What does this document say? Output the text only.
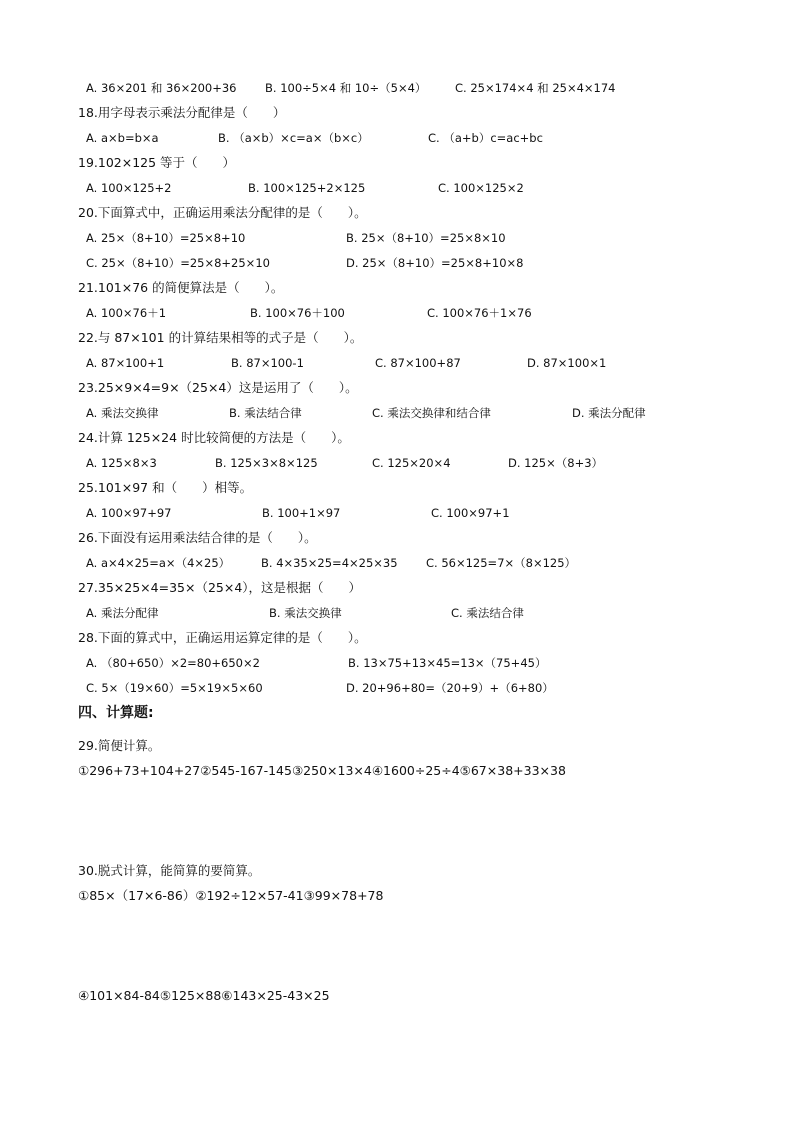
A. 36×201 和 36×200+36 B. 100÷5×4 和 10÷（5×4） C. 25×174×4 和 25×4×174
18.用字母表示乘法分配律是（　　）
A. a×b=b×a	B. （a×b）×c=a×（b×c）	C. （a+b）c=ac+bc
19.102×125 等于（　　）
A. 100×125+2	B. 100×125+2×125	C. 100×125×2
20.下面算式中，正确运用乘法分配律的是（　　）。
A. 25×（8+10）=25×8+10	B. 25×（8+10）=25×8×10
C. 25×（8+10）=25×8+25×10	D. 25×（8+10）=25×8+10×8
21.101×76 的简便算法是（　　）。
A. 100×76＋1	B. 100×76＋100	C. 100×76＋1×76
22.与 87×101 的计算结果相等的式子是（　　）。
A. 87×100+1	B. 87×100-1	C. 87×100+87	D. 87×100×1
23.25×9×4=9×（25×4）这是运用了（　　）。
A. 乘法交换律	B. 乘法结合律	C. 乘法交换律和结合律	D. 乘法分配律
24.计算 125×24 时比较简便的方法是（　　）。
A. 125×8×3	B. 125×3×8×125	C. 125×20×4	D. 125×（8+3）
25.101×97 和（　　）相等。
A. 100×97+97	B. 100+1×97	C. 100×97+1
26.下面没有运用乘法结合律的是（　　）。
A. a×4×25=a×（4×25）	B. 4×35×25=4×25×35 C. 56×125=7×（8×125）
27.35×25×4=35×（25×4），这是根据（　　）
A. 乘法分配律	B. 乘法交换律	C. 乘法结合律
28.下面的算式中，正确运用运算定律的是（　　）。
A. （80+650）×2=80+650×2	B. 13×75+13×45=13×（75+45）
C. 5×（19×60）=5×19×5×60	D. 20+96+80=（20+9）+（6+80）
四、计算题:
29.简便计算。
①296+73+104+27②545-167-145③250×13×4④1600÷25÷4⑤67×38+33×38
30.脱式计算，能简算的要简算。
①85×（17×6-86）②192÷12×57-41③99×78+78
④101×84-84⑤125×88⑥143×25-43×25
